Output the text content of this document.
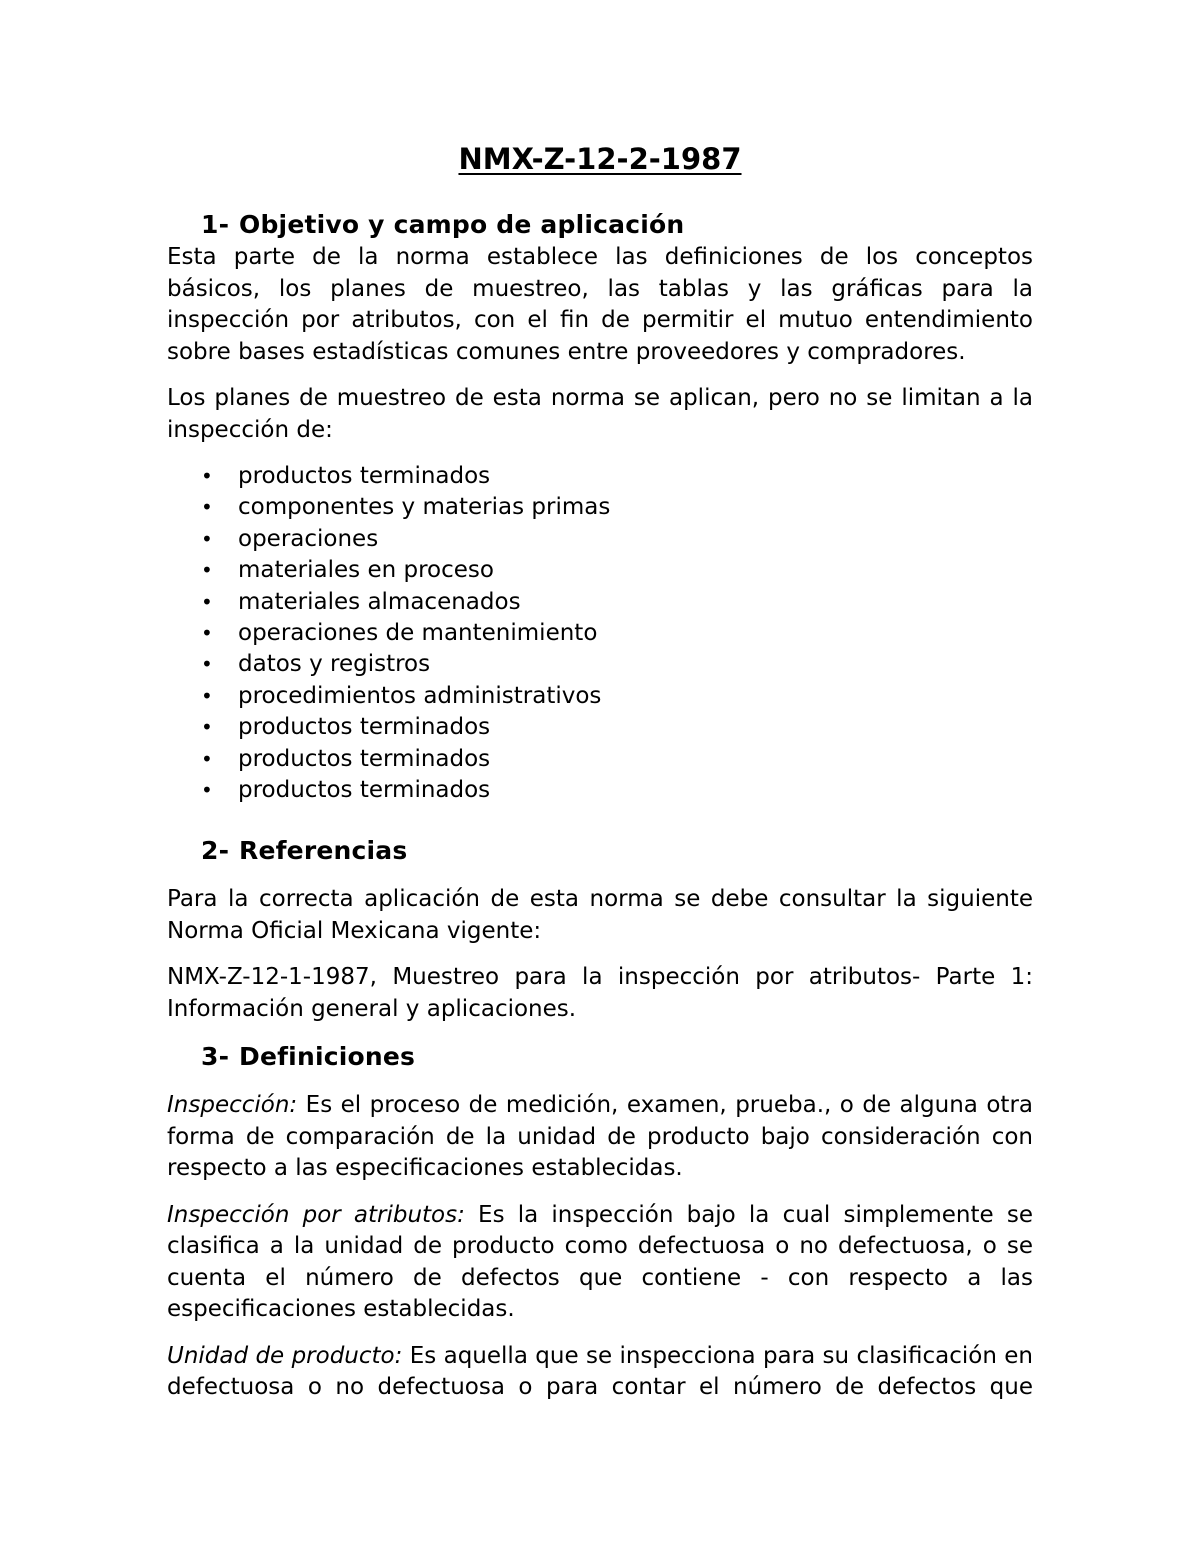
NMX-Z-12-2-1987
1- Objetivo y campo de aplicación

Esta parte de la norma establece las definiciones de los conceptos básicos, los planes de muestreo, las tablas y las gráficas para la inspección por atributos, con el fin de permitir el mutuo entendimiento sobre bases estadísticas comunes entre proveedores y compradores.

Los planes de muestreo de esta norma se aplican, pero no se limitan a la inspección de:

• productos terminados
• componentes y materias primas
• operaciones
• materiales en proceso
• materiales almacenados
• operaciones de mantenimiento
• datos y registros
• procedimientos administrativos
• productos terminados
• productos terminados
• productos terminados
2- Referencias

Para la correcta aplicación de esta norma se debe consultar la siguiente Norma Oficial Mexicana vigente:

NMX-Z-12-1-1987, Muestreo para la inspección por atributos- Parte 1: Información general y aplicaciones.

3- Definiciones

Inspección: Es el proceso de medición, examen, prueba., o de alguna otra forma de comparación de la unidad de producto bajo consideración con respecto a las especificaciones establecidas.

Inspección por atributos: Es la inspección bajo la cual simplemente se clasifica a la unidad de producto como defectuosa o no defectuosa, o se cuenta el número de defectos que contiene - con respecto a las especificaciones establecidas.

Unidad de producto: Es aquella que se inspecciona para su clasificación en defectuosa o no defectuosa o para contar el número de defectos que
